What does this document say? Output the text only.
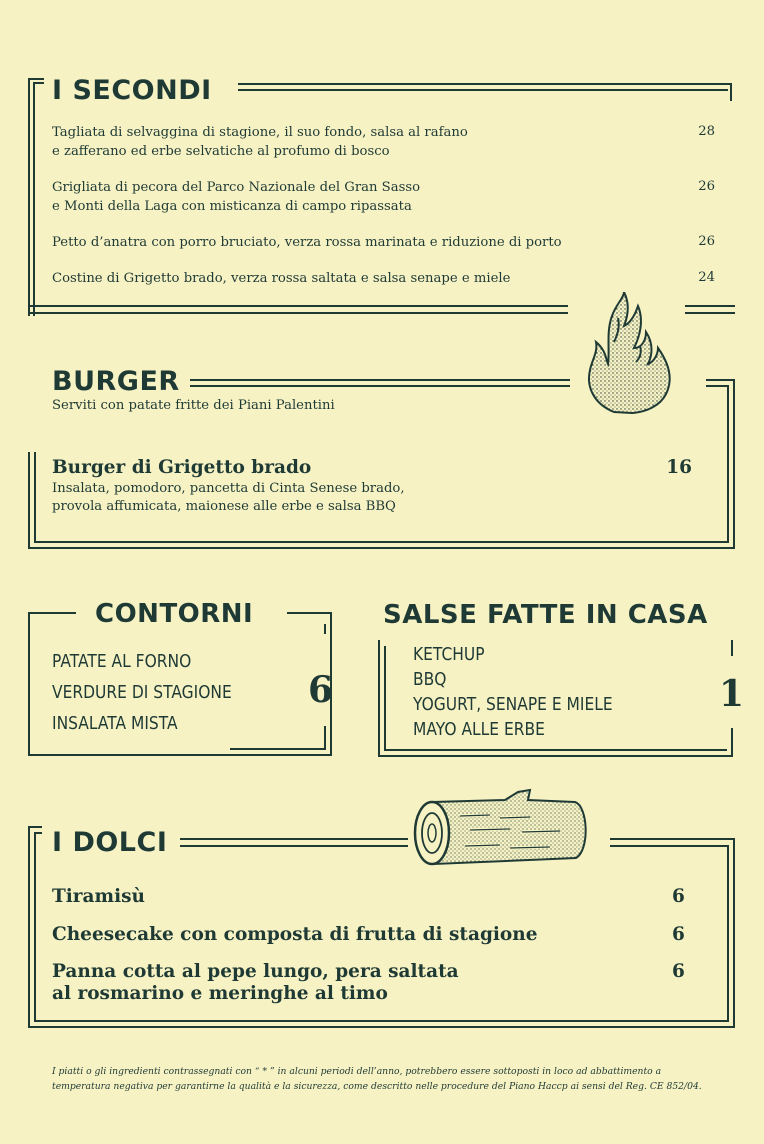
I SECONDI
Tagliata di selvaggina di stagione, il suo fondo, salsa al rafano
e zafferano ed erbe selvatiche al profumo di bosco
28
Grigliata di pecora del Parco Nazionale del Gran Sasso
e Monti della Laga con misticanza di campo ripassata
26
Petto d’anatra con porro bruciato, verza rossa marinata e riduzione di porto	26
Costine di Grigetto brado, verza rossa saltata e salsa senape e miele	24
BURGER
Serviti con patate fritte dei Piani Palentini
Burger di Grigetto brado	16
Insalata, pomodoro, pancetta di Cinta Senese brado,
provola affumicata, maionese alle erbe e salsa BBQ
CONTORNI
PATATE AL FORNO
VERDURE DI STAGIONE
INSALATA MISTA
6
SALSE FATTE IN CASA
KETCHUP
BBQ
YOGURT, SENAPE E MIELE
MAYO ALLE ERBE
1
I DOLCI
Tiramisù	6
Cheesecake con composta di frutta di stagione	6
Panna cotta al pepe lungo, pera saltata
al rosmarino e meringhe al timo
6
I piatti o gli ingredienti contrassegnati con “ * ” in alcuni periodi dell’anno, potrebbero essere sottoposti in loco ad abbattimento a
temperatura negativa per garantirne la qualità e la sicurezza, come descritto nelle procedure del Piano Haccp ai sensi del Reg. CE 852/04.
